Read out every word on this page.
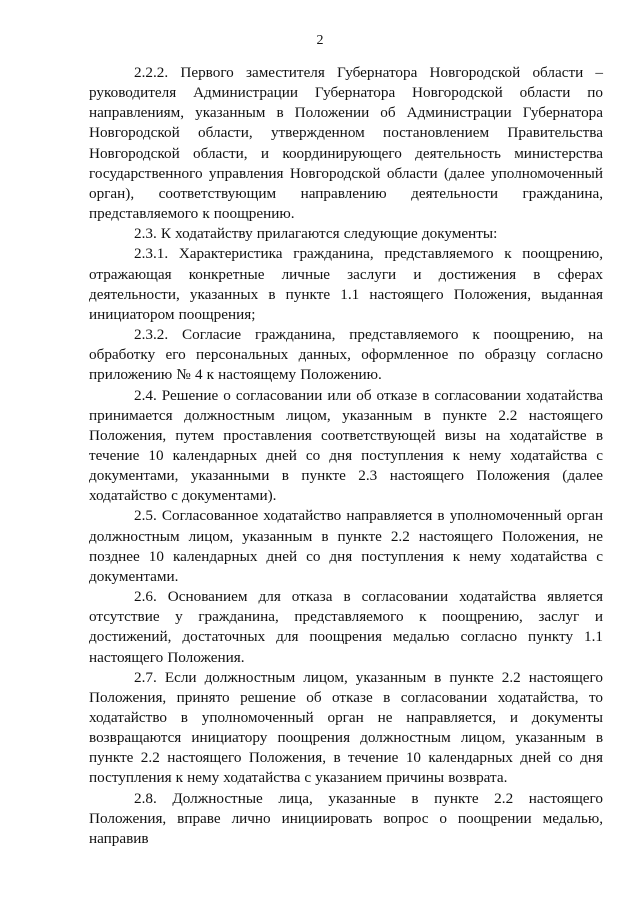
2

2.2.2. Первого заместителя Губернатора Новгородской области – руководителя Администрации Губернатора Новгородской области по направлениям, указанным в Положении об Администрации Губернатора Новгородской области, утвержденном постановлением Правительства Новгородской области, и координирующего деятельность министерства государственного управления Новгородской области (далее уполномоченный орган), соответствующим направлению деятельности гражданина, представляемого к поощрению.

2.3. К ходатайству прилагаются следующие документы:

2.3.1. Характеристика гражданина, представляемого к поощрению, отражающая конкретные личные заслуги и достижения в сферах деятельности, указанных в пункте 1.1 настоящего Положения, выданная инициатором поощрения;

2.3.2. Согласие гражданина, представляемого к поощрению, на обработку его персональных данных, оформленное по образцу согласно приложению № 4 к настоящему Положению.

2.4. Решение о согласовании или об отказе в согласовании ходатайства принимается должностным лицом, указанным в пункте 2.2 настоящего Положения, путем проставления соответствующей визы на ходатайстве в течение 10 календарных дней со дня поступления к нему ходатайства с документами, указанными в пункте 2.3 настоящего Положения (далее ходатайство с документами).

2.5. Согласованное ходатайство направляется в уполномоченный орган должностным лицом, указанным в пункте 2.2 настоящего Положения, не позднее 10 календарных дней со дня поступления к нему ходатайства с документами.

2.6. Основанием для отказа в согласовании ходатайства является отсутствие у гражданина, представляемого к поощрению, заслуг и достижений, достаточных для поощрения медалью согласно пункту 1.1 настоящего Положения.

2.7. Если должностным лицом, указанным в пункте 2.2 настоящего Положения, принято решение об отказе в согласовании ходатайства, то ходатайство в уполномоченный орган не направляется, и документы возвращаются инициатору поощрения должностным лицом, указанным в пункте 2.2 настоящего Положения, в течение 10 календарных дней со дня поступления к нему ходатайства с указанием причины возврата.

2.8. Должностные лица, указанные в пункте 2.2 настоящего Положения, вправе лично инициировать вопрос о поощрении медалью, направив
